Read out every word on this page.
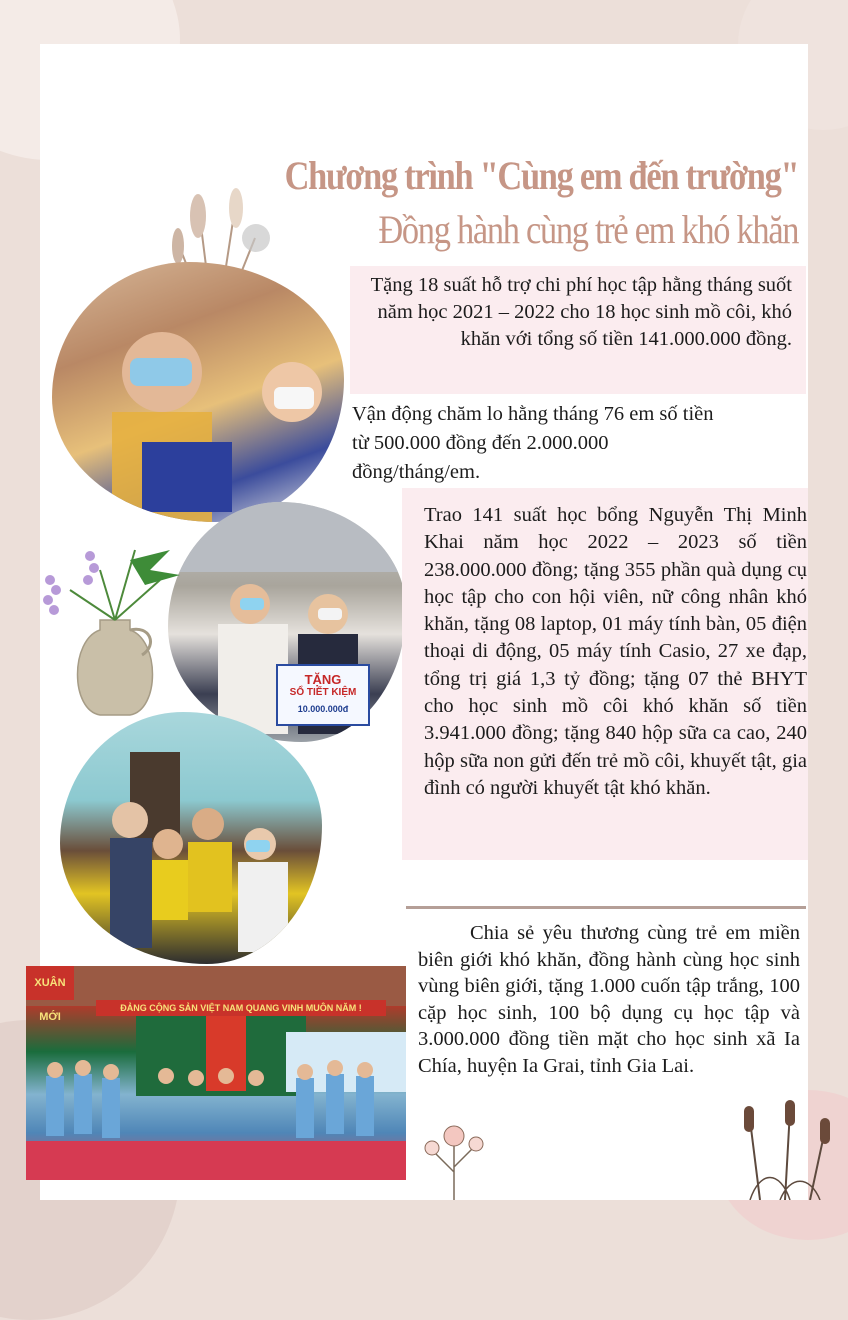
TẶNG
SỔ TIẾT KIỆM
10.000.000đ
XUÂN MỚI
ĐẢNG CỘNG SẢN VIỆT NAM QUANG VINH MUÔN NĂM !
Chương trình "Cùng em đến trường"
Đồng hành cùng trẻ em khó khăn

Tặng 18 suất hỗ trợ chi phí học tập hằng tháng suốt năm học 2021 – 2022 cho 18 học sinh mồ côi, khó khăn với tổng số tiền 141.000.000 đồng.

Vận động chăm lo hằng tháng 76 em số tiền từ 500.000 đồng đến 2.000.000 đồng/tháng/em.

Trao 141 suất học bổng Nguyễn Thị Minh Khai năm học 2022 – 2023 số tiền 238.000.000 đồng; tặng 355 phần quà dụng cụ học tập cho con hội viên, nữ công nhân khó khăn, tặng 08 laptop, 01 máy tính bàn, 05 điện thoại di động, 05 máy tính Casio, 27 xe đạp, tổng trị giá 1,3 tỷ đồng; tặng 07 thẻ BHYT cho học sinh mồ côi khó khăn số tiền 3.941.000 đồng; tặng 840 hộp sữa ca cao, 240 hộp sữa non gửi đến trẻ mồ côi, khuyết tật, gia đình có người khuyết tật khó khăn.

Chia sẻ yêu thương cùng trẻ em miền biên giới khó khăn, đồng hành cùng học sinh vùng biên giới, tặng 1.000 cuốn tập trắng, 100 cặp học sinh, 100 bộ dụng cụ học tập và 3.000.000 đồng tiền mặt cho học sinh xã Ia Chía, huyện Ia Grai, tỉnh Gia Lai.
